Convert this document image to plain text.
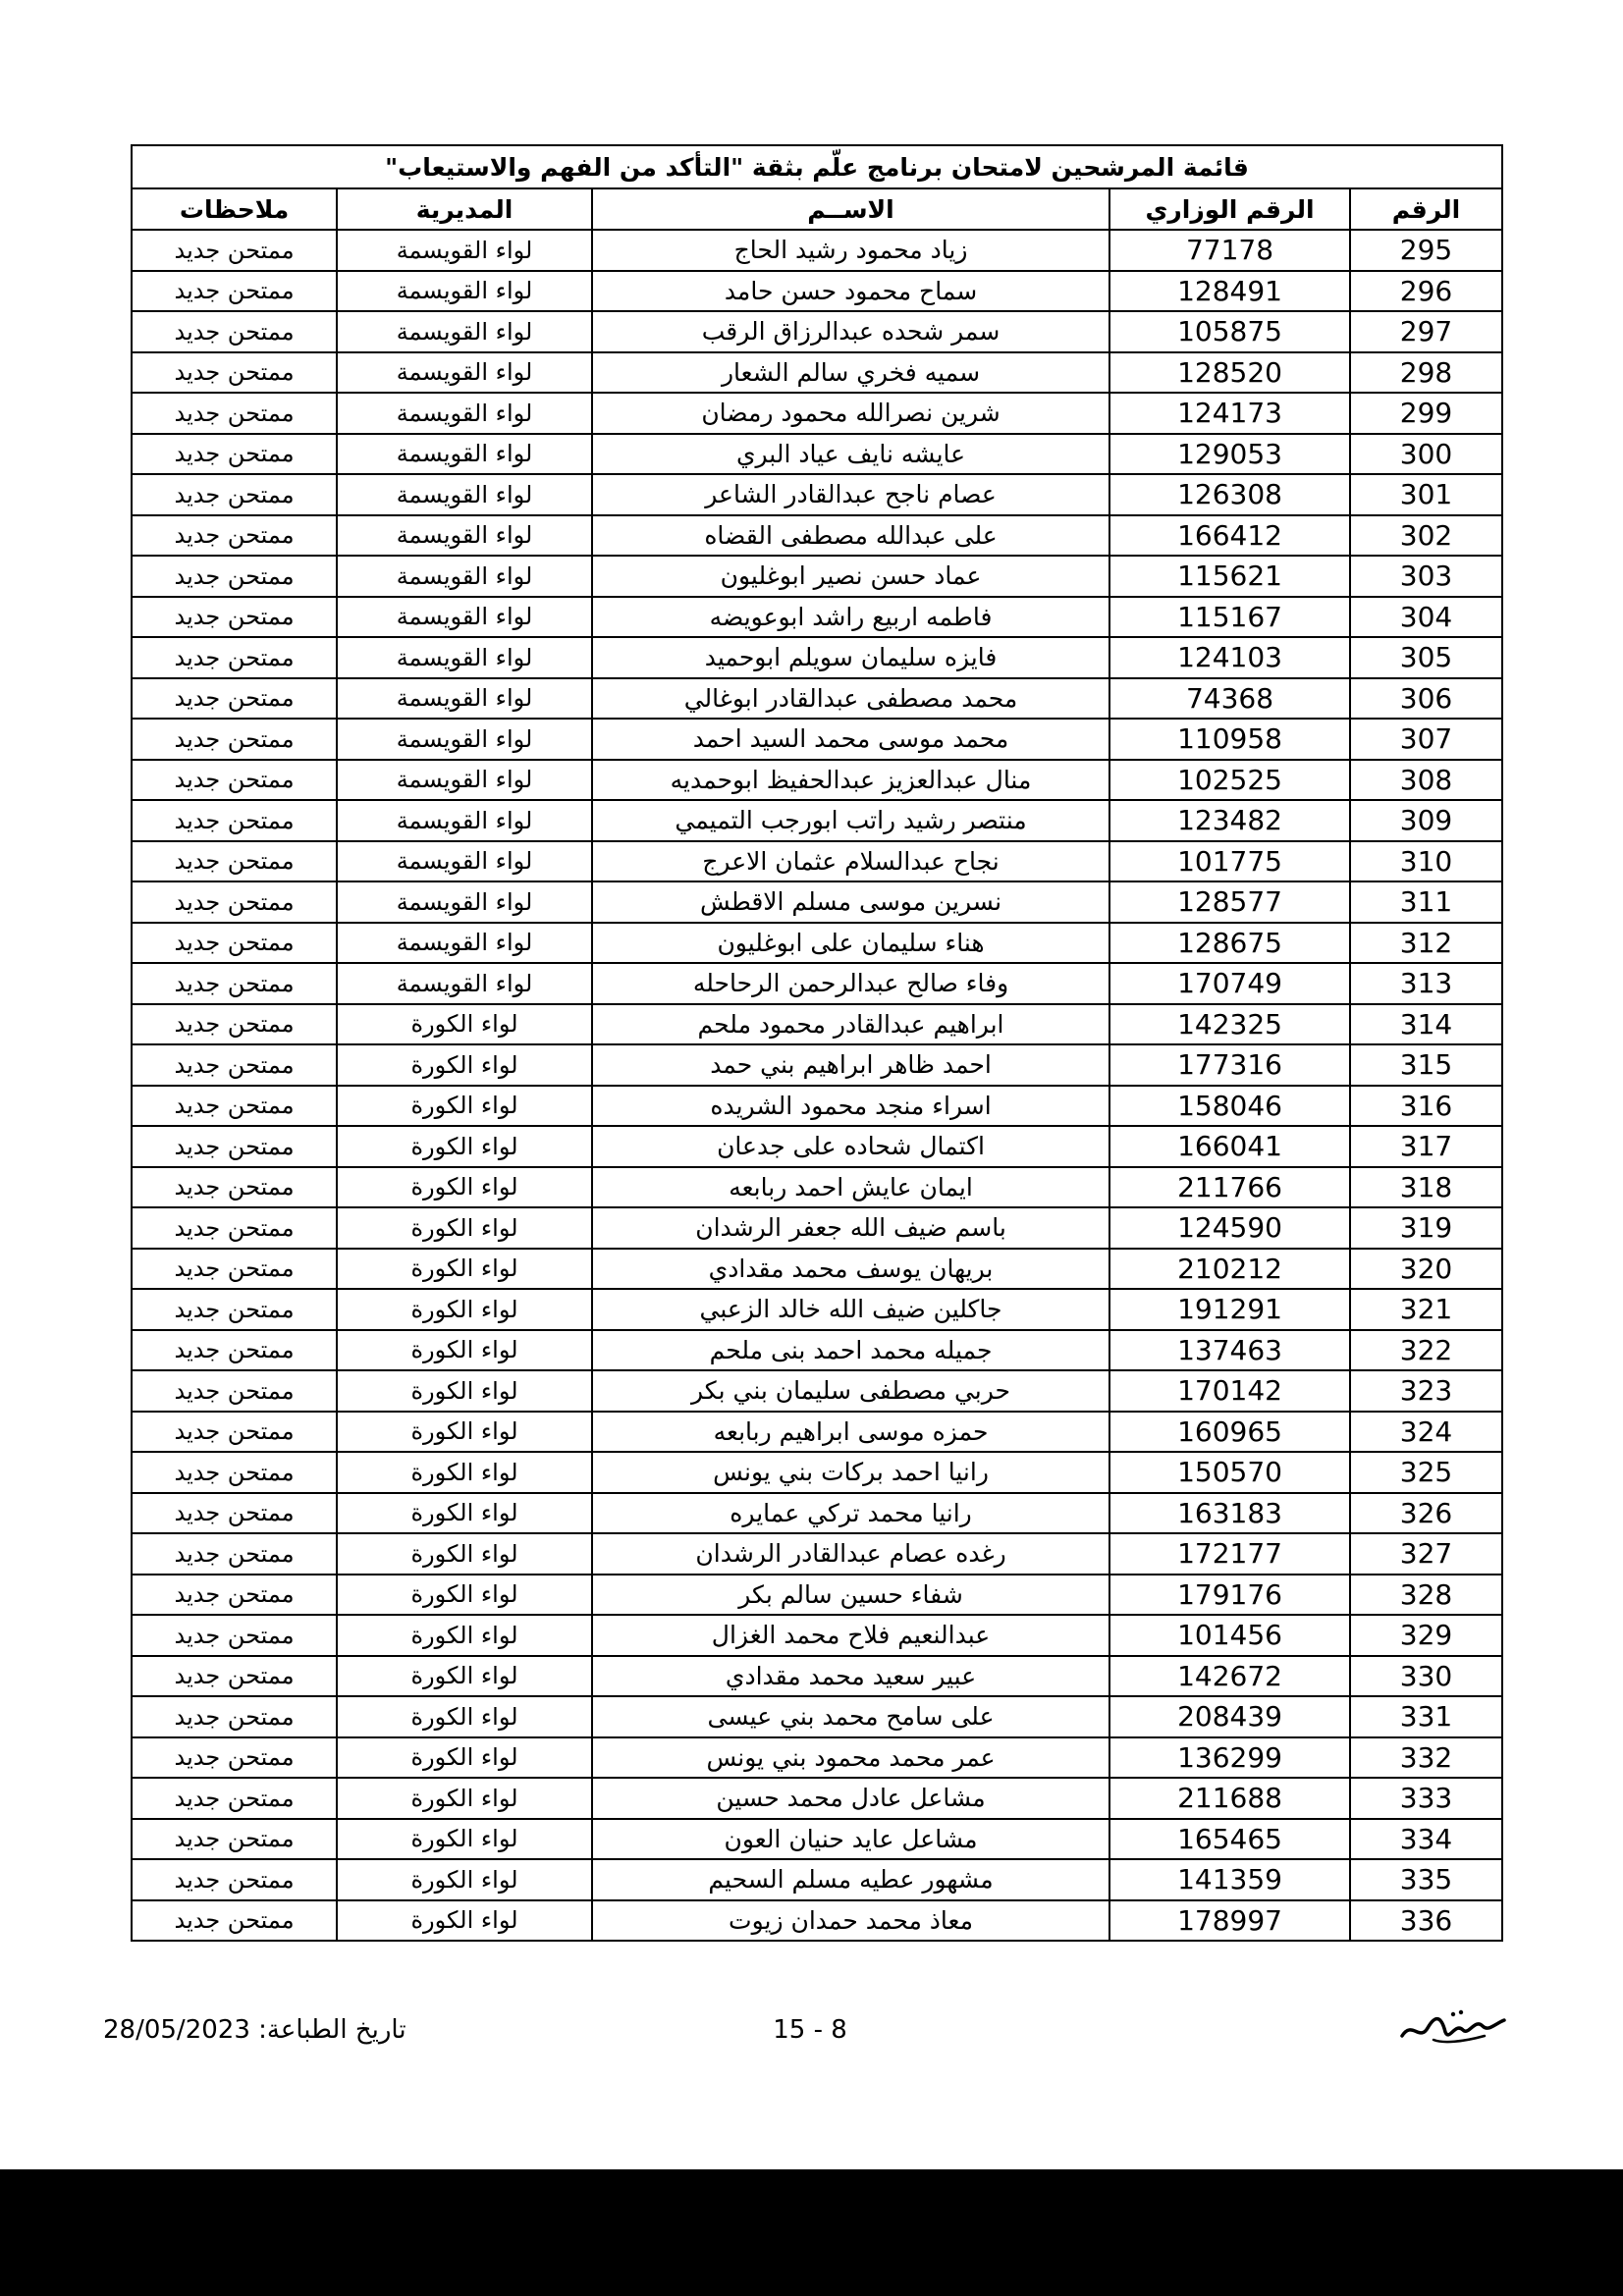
قائمة المرشحين لامتحان برنامج علّم بثقة "التأكد من الفهم والاستيعاب"				
الرقم	الرقم الوزاري	الاســم	المديرية	ملاحظات
295	77178	زياد محمود رشيد الحاج	لواء القويسمة	ممتحن جديد
296	128491	سماح محمود حسن حامد	لواء القويسمة	ممتحن جديد
297	105875	سمر شحده عبدالرزاق الرقب	لواء القويسمة	ممتحن جديد
298	128520	سميه فخري سالم الشعار	لواء القويسمة	ممتحن جديد
299	124173	شرين نصرالله محمود رمضان	لواء القويسمة	ممتحن جديد
300	129053	عايشه نايف عياد البري	لواء القويسمة	ممتحن جديد
301	126308	عصام ناجح عبدالقادر الشاعر	لواء القويسمة	ممتحن جديد
302	166412	على عبدالله مصطفى القضاه	لواء القويسمة	ممتحن جديد
303	115621	عماد حسن نصير ابوغليون	لواء القويسمة	ممتحن جديد
304	115167	فاطمه اربيع راشد ابوعويضه	لواء القويسمة	ممتحن جديد
305	124103	فايزه سليمان سويلم ابوحميد	لواء القويسمة	ممتحن جديد
306	74368	محمد مصطفى عبدالقادر ابوغالي	لواء القويسمة	ممتحن جديد
307	110958	محمد موسى محمد السيد احمد	لواء القويسمة	ممتحن جديد
308	102525	منال عبدالعزيز عبدالحفيظ ابوحمديه	لواء القويسمة	ممتحن جديد
309	123482	منتصر رشيد راتب ابورجب التميمي	لواء القويسمة	ممتحن جديد
310	101775	نجاح عبدالسلام عثمان الاعرج	لواء القويسمة	ممتحن جديد
311	128577	نسرين موسى مسلم الاقطش	لواء القويسمة	ممتحن جديد
312	128675	هناء سليمان على ابوغليون	لواء القويسمة	ممتحن جديد
313	170749	وفاء صالح عبدالرحمن الرحاحله	لواء القويسمة	ممتحن جديد
314	142325	ابراهيم عبدالقادر محمود ملحم	لواء الكورة	ممتحن جديد
315	177316	احمد ظاهر ابراهيم بني حمد	لواء الكورة	ممتحن جديد
316	158046	اسراء منجد محمود الشريده	لواء الكورة	ممتحن جديد
317	166041	اكتمال شحاده على جدعان	لواء الكورة	ممتحن جديد
318	211766	ايمان عايش احمد ربابعه	لواء الكورة	ممتحن جديد
319	124590	باسم ضيف الله جعفر الرشدان	لواء الكورة	ممتحن جديد
320	210212	بريهان يوسف محمد مقدادي	لواء الكورة	ممتحن جديد
321	191291	جاكلين ضيف الله خالد الزعبي	لواء الكورة	ممتحن جديد
322	137463	جميله محمد احمد بنى ملحم	لواء الكورة	ممتحن جديد
323	170142	حربي مصطفى سليمان بني بكر	لواء الكورة	ممتحن جديد
324	160965	حمزه موسى ابراهيم ربابعه	لواء الكورة	ممتحن جديد
325	150570	رانيا احمد بركات بني يونس	لواء الكورة	ممتحن جديد
326	163183	رانيا محمد تركي عمايره	لواء الكورة	ممتحن جديد
327	172177	رغده عصام عبدالقادر الرشدان	لواء الكورة	ممتحن جديد
328	179176	شفاء حسين سالم بكر	لواء الكورة	ممتحن جديد
329	101456	عبدالنعيم فلاح محمد الغزال	لواء الكورة	ممتحن جديد
330	142672	عبير سعيد محمد مقدادي	لواء الكورة	ممتحن جديد
331	208439	على سامح محمد بني عيسى	لواء الكورة	ممتحن جديد
332	136299	عمر محمد محمود بني يونس	لواء الكورة	ممتحن جديد
333	211688	مشاعل عادل محمد حسين	لواء الكورة	ممتحن جديد
334	165465	مشاعل عايد حنيان العون	لواء الكورة	ممتحن جديد
335	141359	مشهور عطيه مسلم السحيم	لواء الكورة	ممتحن جديد
336	178997	معاذ محمد حمدان زيوت	لواء الكورة	ممتحن جديد
تاريخ الطباعة: 28/05/2023	15 - 8
